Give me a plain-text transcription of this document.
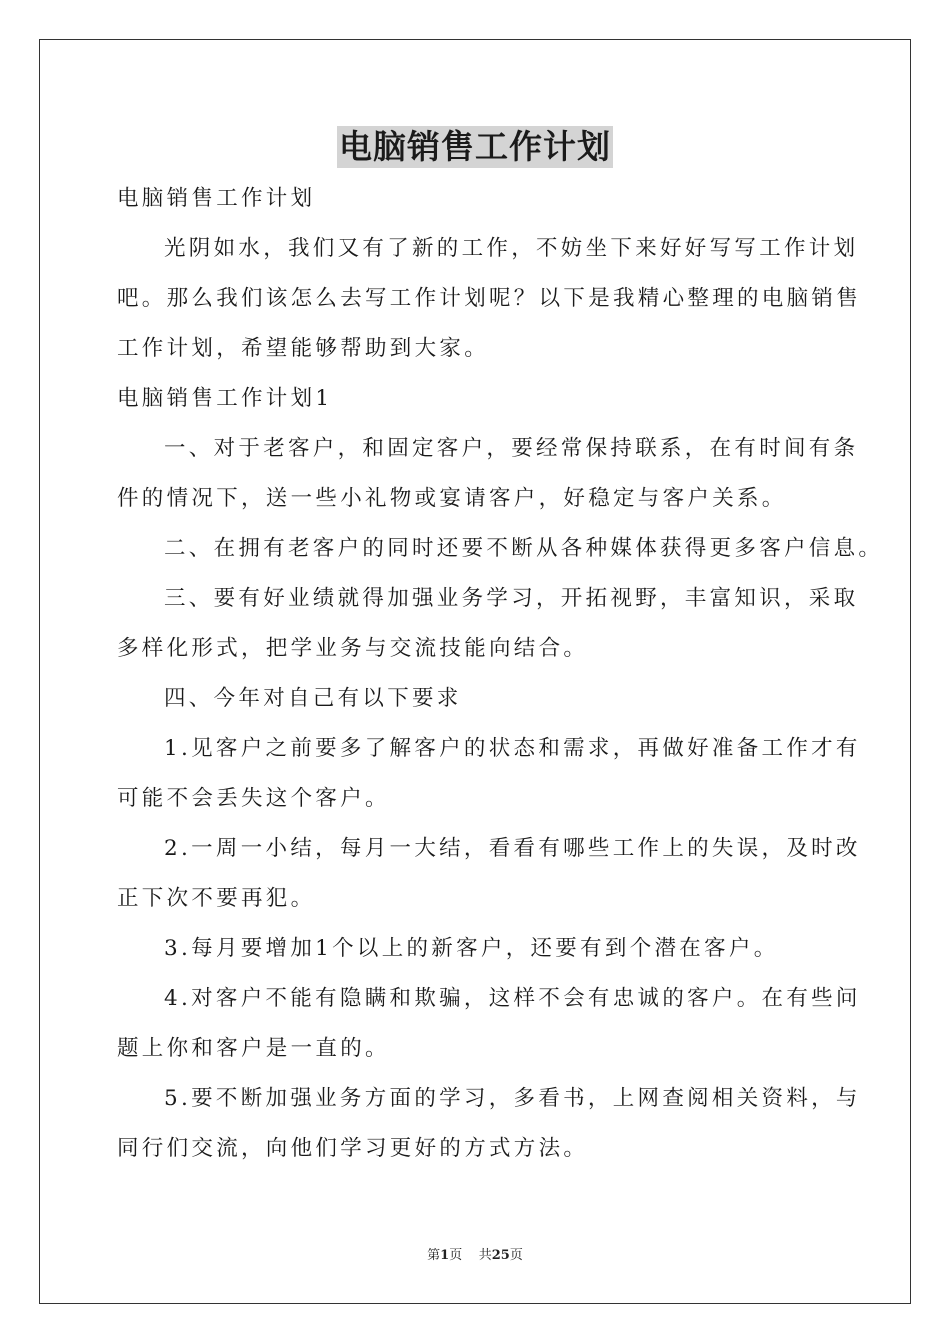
电脑销售工作计划
电脑销售工作计划
光阴如水，我们又有了新的工作，不妨坐下来好好写写工作计划
吧。那么我们该怎么去写工作计划呢？以下是我精心整理的电脑销售
工作计划，希望能够帮助到大家。
电脑销售工作计划1
一、对于老客户，和固定客户，要经常保持联系，在有时间有条
件的情况下，送一些小礼物或宴请客户，好稳定与客户关系。
二、在拥有老客户的同时还要不断从各种媒体获得更多客户信息。
三、要有好业绩就得加强业务学习，开拓视野，丰富知识，采取
多样化形式，把学业务与交流技能向结合。
四、今年对自己有以下要求
1.见客户之前要多了解客户的状态和需求，再做好准备工作才有
可能不会丢失这个客户。
2.一周一小结，每月一大结，看看有哪些工作上的失误，及时改
正下次不要再犯。
3.每月要增加1个以上的新客户，还要有到个潜在客户。
4.对客户不能有隐瞒和欺骗，这样不会有忠诚的客户。在有些问
题上你和客户是一直的。
5.要不断加强业务方面的学习，多看书，上网查阅相关资料，与
同行们交流，向他们学习更好的方式方法。
第1页 共25页
